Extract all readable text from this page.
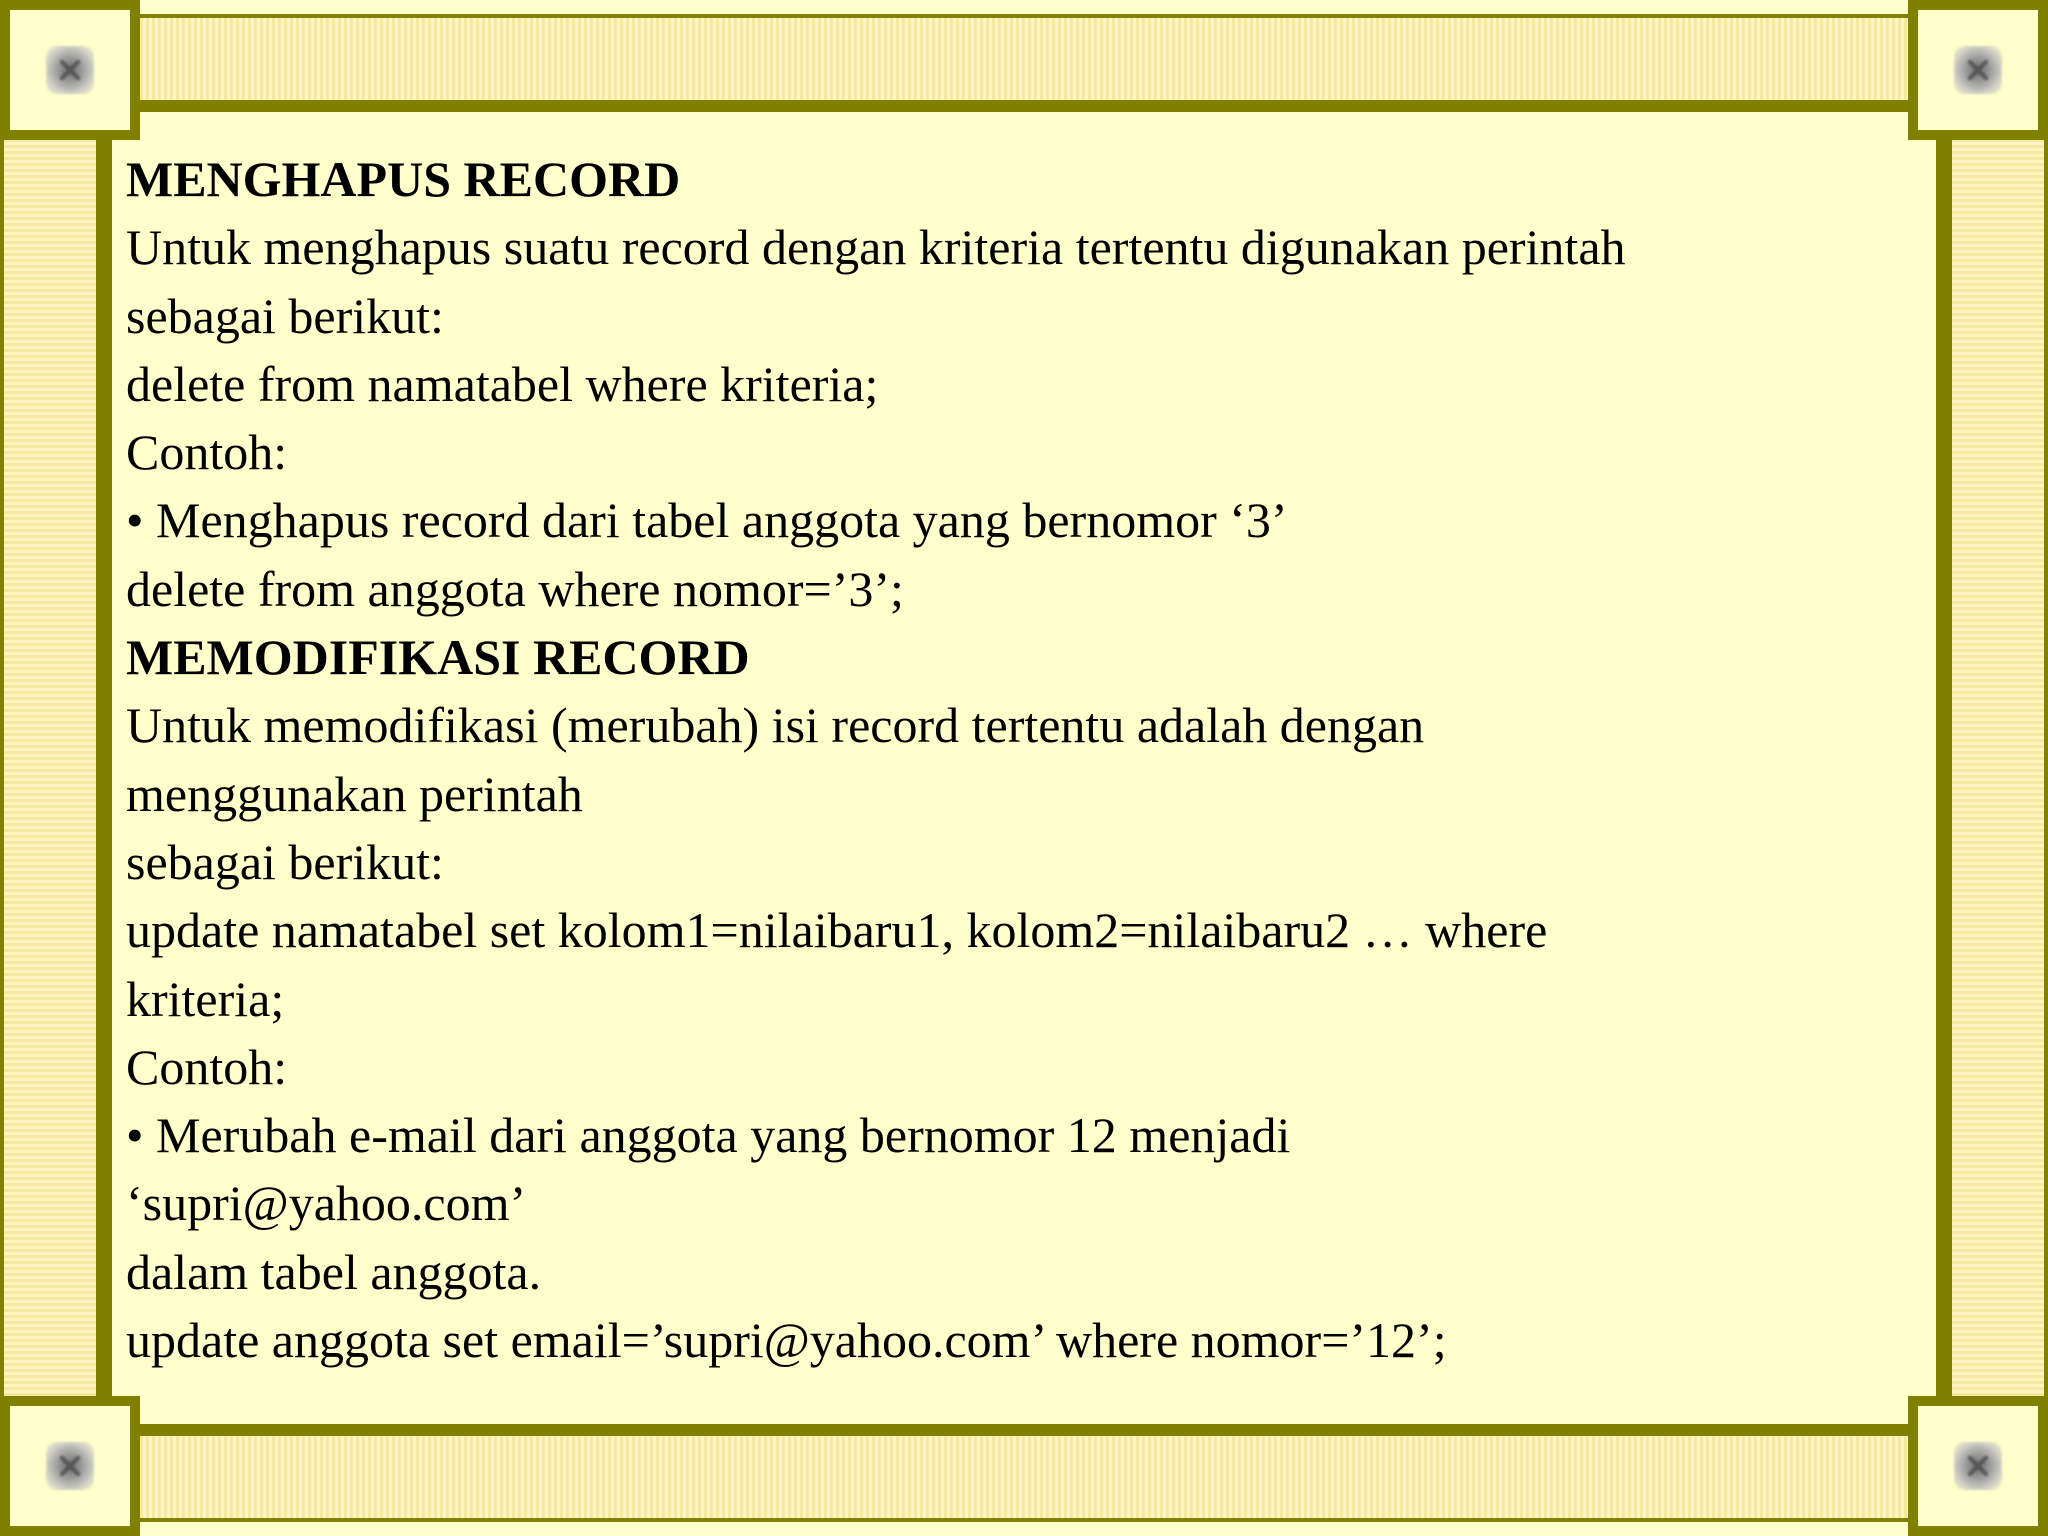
MENGHAPUS RECORD
Untuk menghapus suatu record dengan kriteria tertentu digunakan perintah
sebagai berikut:
delete from namatabel where kriteria;
Contoh:
• Menghapus record dari tabel anggota yang bernomor ‘3’
delete from anggota where nomor=’3’;
MEMODIFIKASI RECORD
Untuk memodifikasi (merubah) isi record tertentu adalah dengan
menggunakan perintah
sebagai berikut:
update namatabel set kolom1=nilaibaru1, kolom2=nilaibaru2 … where
kriteria;
Contoh:
• Merubah e-mail dari anggota yang bernomor 12 menjadi
‘supri@yahoo.com’
dalam tabel anggota.
update anggota set email=’supri@yahoo.com’ where nomor=’12’;
